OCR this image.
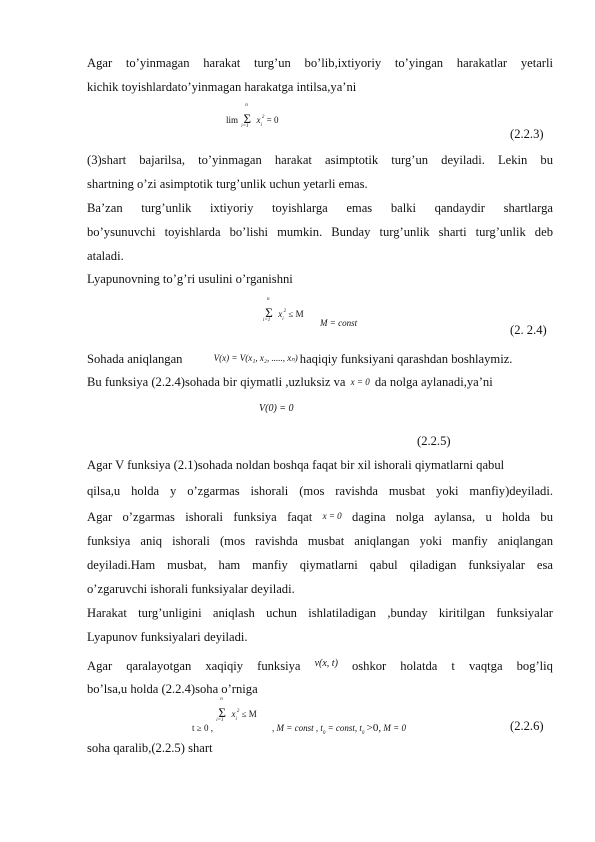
Agar to’yinmagan harakat turg’un bo’lib,ixtiyoriy to’yingan harakatlar yetarli
kichik toyishlardato’yinmagan harakatga intilsa,ya’ni
lim
n
Σ
i=1
$x_i^2 = 0$
(2.2.3)
(3)shart bajarilsa, to’yinmagan harakat asimptotik turg’un deyiladi. Lekin bu
shartning o’zi asimptotik turg’unlik uchun yetarli emas.
Ba’zan turg’unlik ixtiyoriy toyishlarga emas balki qandaydir shartlarga
bo’ysunuvchi toyishlarda bo’lishi mumkin. Bunday turg’unlik sharti turg’unlik deb
ataladi.
Lyapunovning to’g’ri usulini o’rganishni
n
Σ
i=1
$x_i^2 \le M$
M = const	(2. 2.4)
Sohada aniqlangan	V(x) = V(x₁, x₂, ....., xₙ) haqiqiy funksiyani qarashdan boshlaymiz.
Bu funksiya (2.2.4)sohada bir qiymatli ,uzluksiz va x = 0 da nolga aylanadi,ya’ni
V(0) = 0
(2.2.5)
Agar V funksiya (2.1)sohada noldan boshqa faqat bir xil ishorali qiymatlarni qabul
qilsa,u holda y o’zgarmas ishorali (mos ravishda musbat yoki manfiy)deyiladi.
Agar o’zgarmas ishorali funksiya faqat x = 0 dagina nolga aylansa, u holda bu
funksiya aniq ishorali (mos ravishda musbat aniqlangan yoki manfiy aniqlangan
deyiladi.Ham musbat, ham manfiy qiymatlarni qabul qiladigan funksiyalar esa
o’zgaruvchi ishorali funksiyalar deyiladi.
Harakat turg’unligini aniqlash uchun ishlatiladigan ,bunday kiritilgan funksiyalar
Lyapunov funksiyalari deyiladi.
Agar qaralayotgan xaqiqiy funksiya v(x, t) oshkor holatda t vaqtga bog’liq
bo’lsa,u holda (2.2.4)soha o’rniga
t ≥ 0 ,
n
Σ
i=1
$x_i^2 \le M$
, M = const , $t_0$ = const, $t_0 >0$, M = 0	(2.2.6)
soha qaralib,(2.2.5) shart
